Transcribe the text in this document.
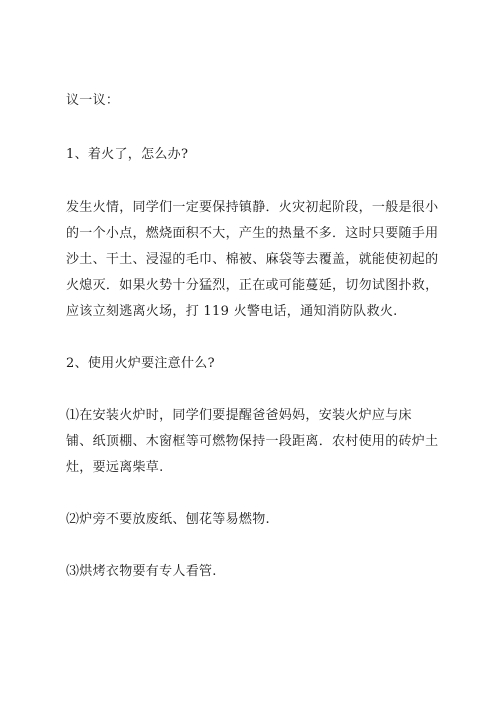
议一议：
1、着火了，怎么办?
发生火情，同学们一定要保持镇静．火灾初起阶段，一般是很小
的一个小点，燃烧面积不大，产生的热量不多．这时只要随手用
沙土、干土、浸湿的毛巾、棉被、麻袋等去覆盖，就能使初起的
火熄灭．如果火势十分猛烈，正在或可能蔓延，切勿试图扑救，
应该立刻逃离火场，打 119 火警电话，通知消防队救火.
2、使用火炉要注意什么?
⑴在安装火炉时，同学们要提醒爸爸妈妈，安装火炉应与床
铺、纸顶棚、木窗框等可燃物保持一段距离．农村使用的砖炉土
灶，要远离柴草.
⑵炉旁不要放废纸、刨花等易燃物.
⑶烘烤衣物要有专人看管.
